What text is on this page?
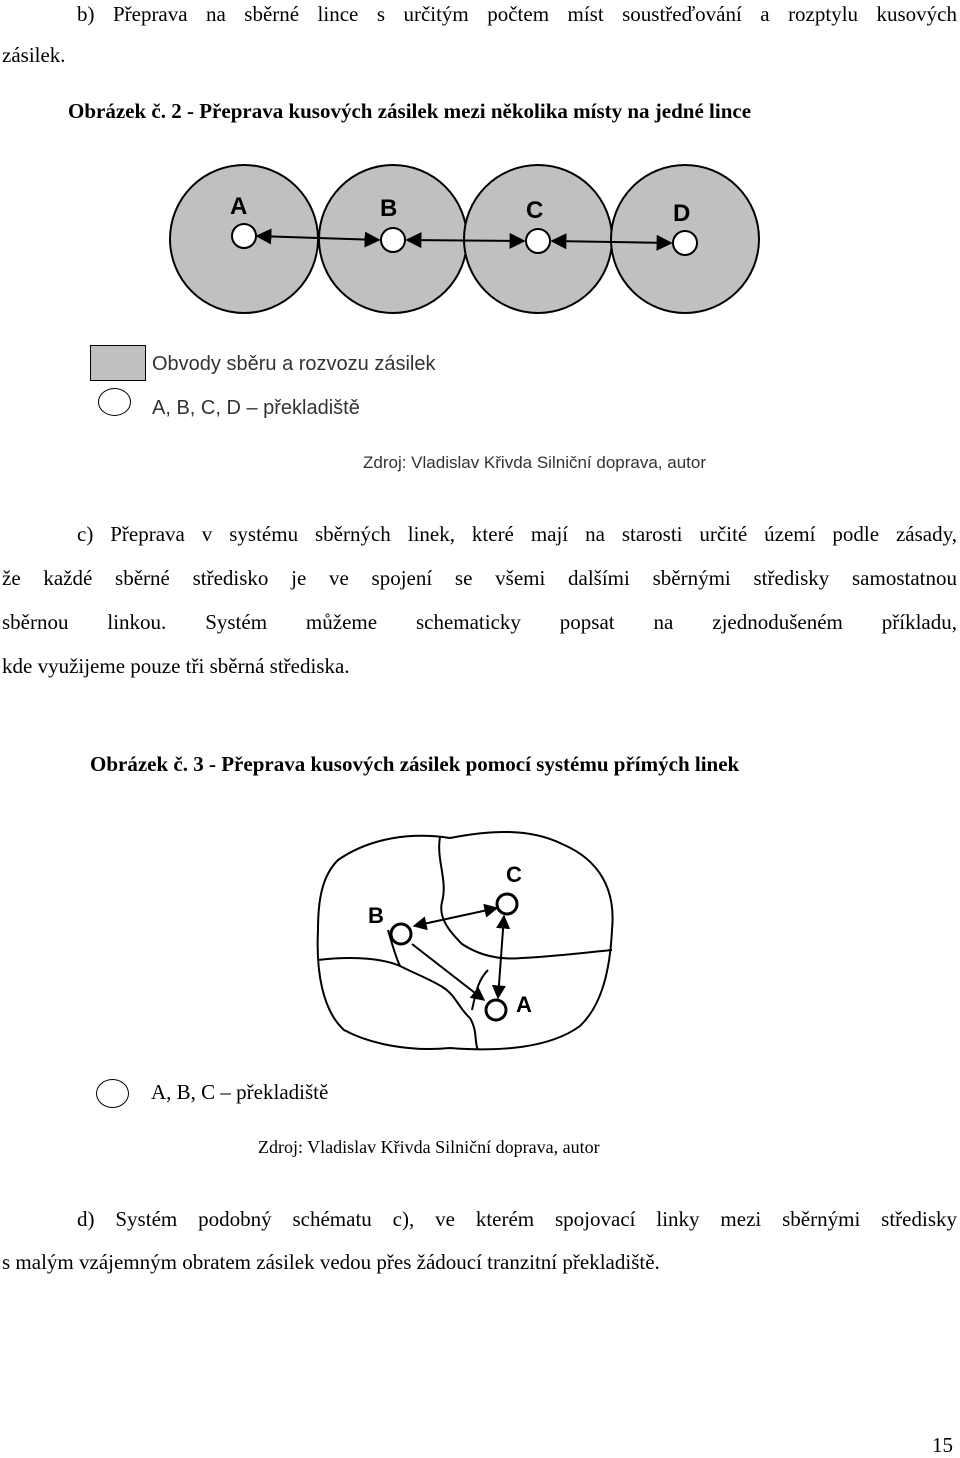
b) Přeprava na sběrné lince s určitým počtem míst soustřeďování a rozptylu kusových
zásilek.
Obrázek č. 2 - Přeprava kusových zásilek mezi několika místy na jedné lince
A	B	C	D
Obvody sběru a rozvozu zásilek
A, B, C, D – překladiště
Zdroj: Vladislav Křivda Silniční doprava, autor
c) Přeprava v systému sběrných linek, které mají na starosti určité území podle zásady,
že každé sběrné středisko je ve spojení se všemi dalšími sběrnými středisky samostatnou
sběrnou linkou. Systém můžeme schematicky popsat na zjednodušeném příkladu,
kde využijeme pouze tři sběrná střediska.
Obrázek č. 3 - Přeprava kusových zásilek pomocí systému přímých linek
B
C
A
A, B, C – překladiště
Zdroj: Vladislav Křivda Silniční doprava, autor
d) Systém podobný schématu c), ve kterém spojovací linky mezi sběrnými středisky
s malým vzájemným obratem zásilek vedou přes žádoucí tranzitní překladiště.
15
